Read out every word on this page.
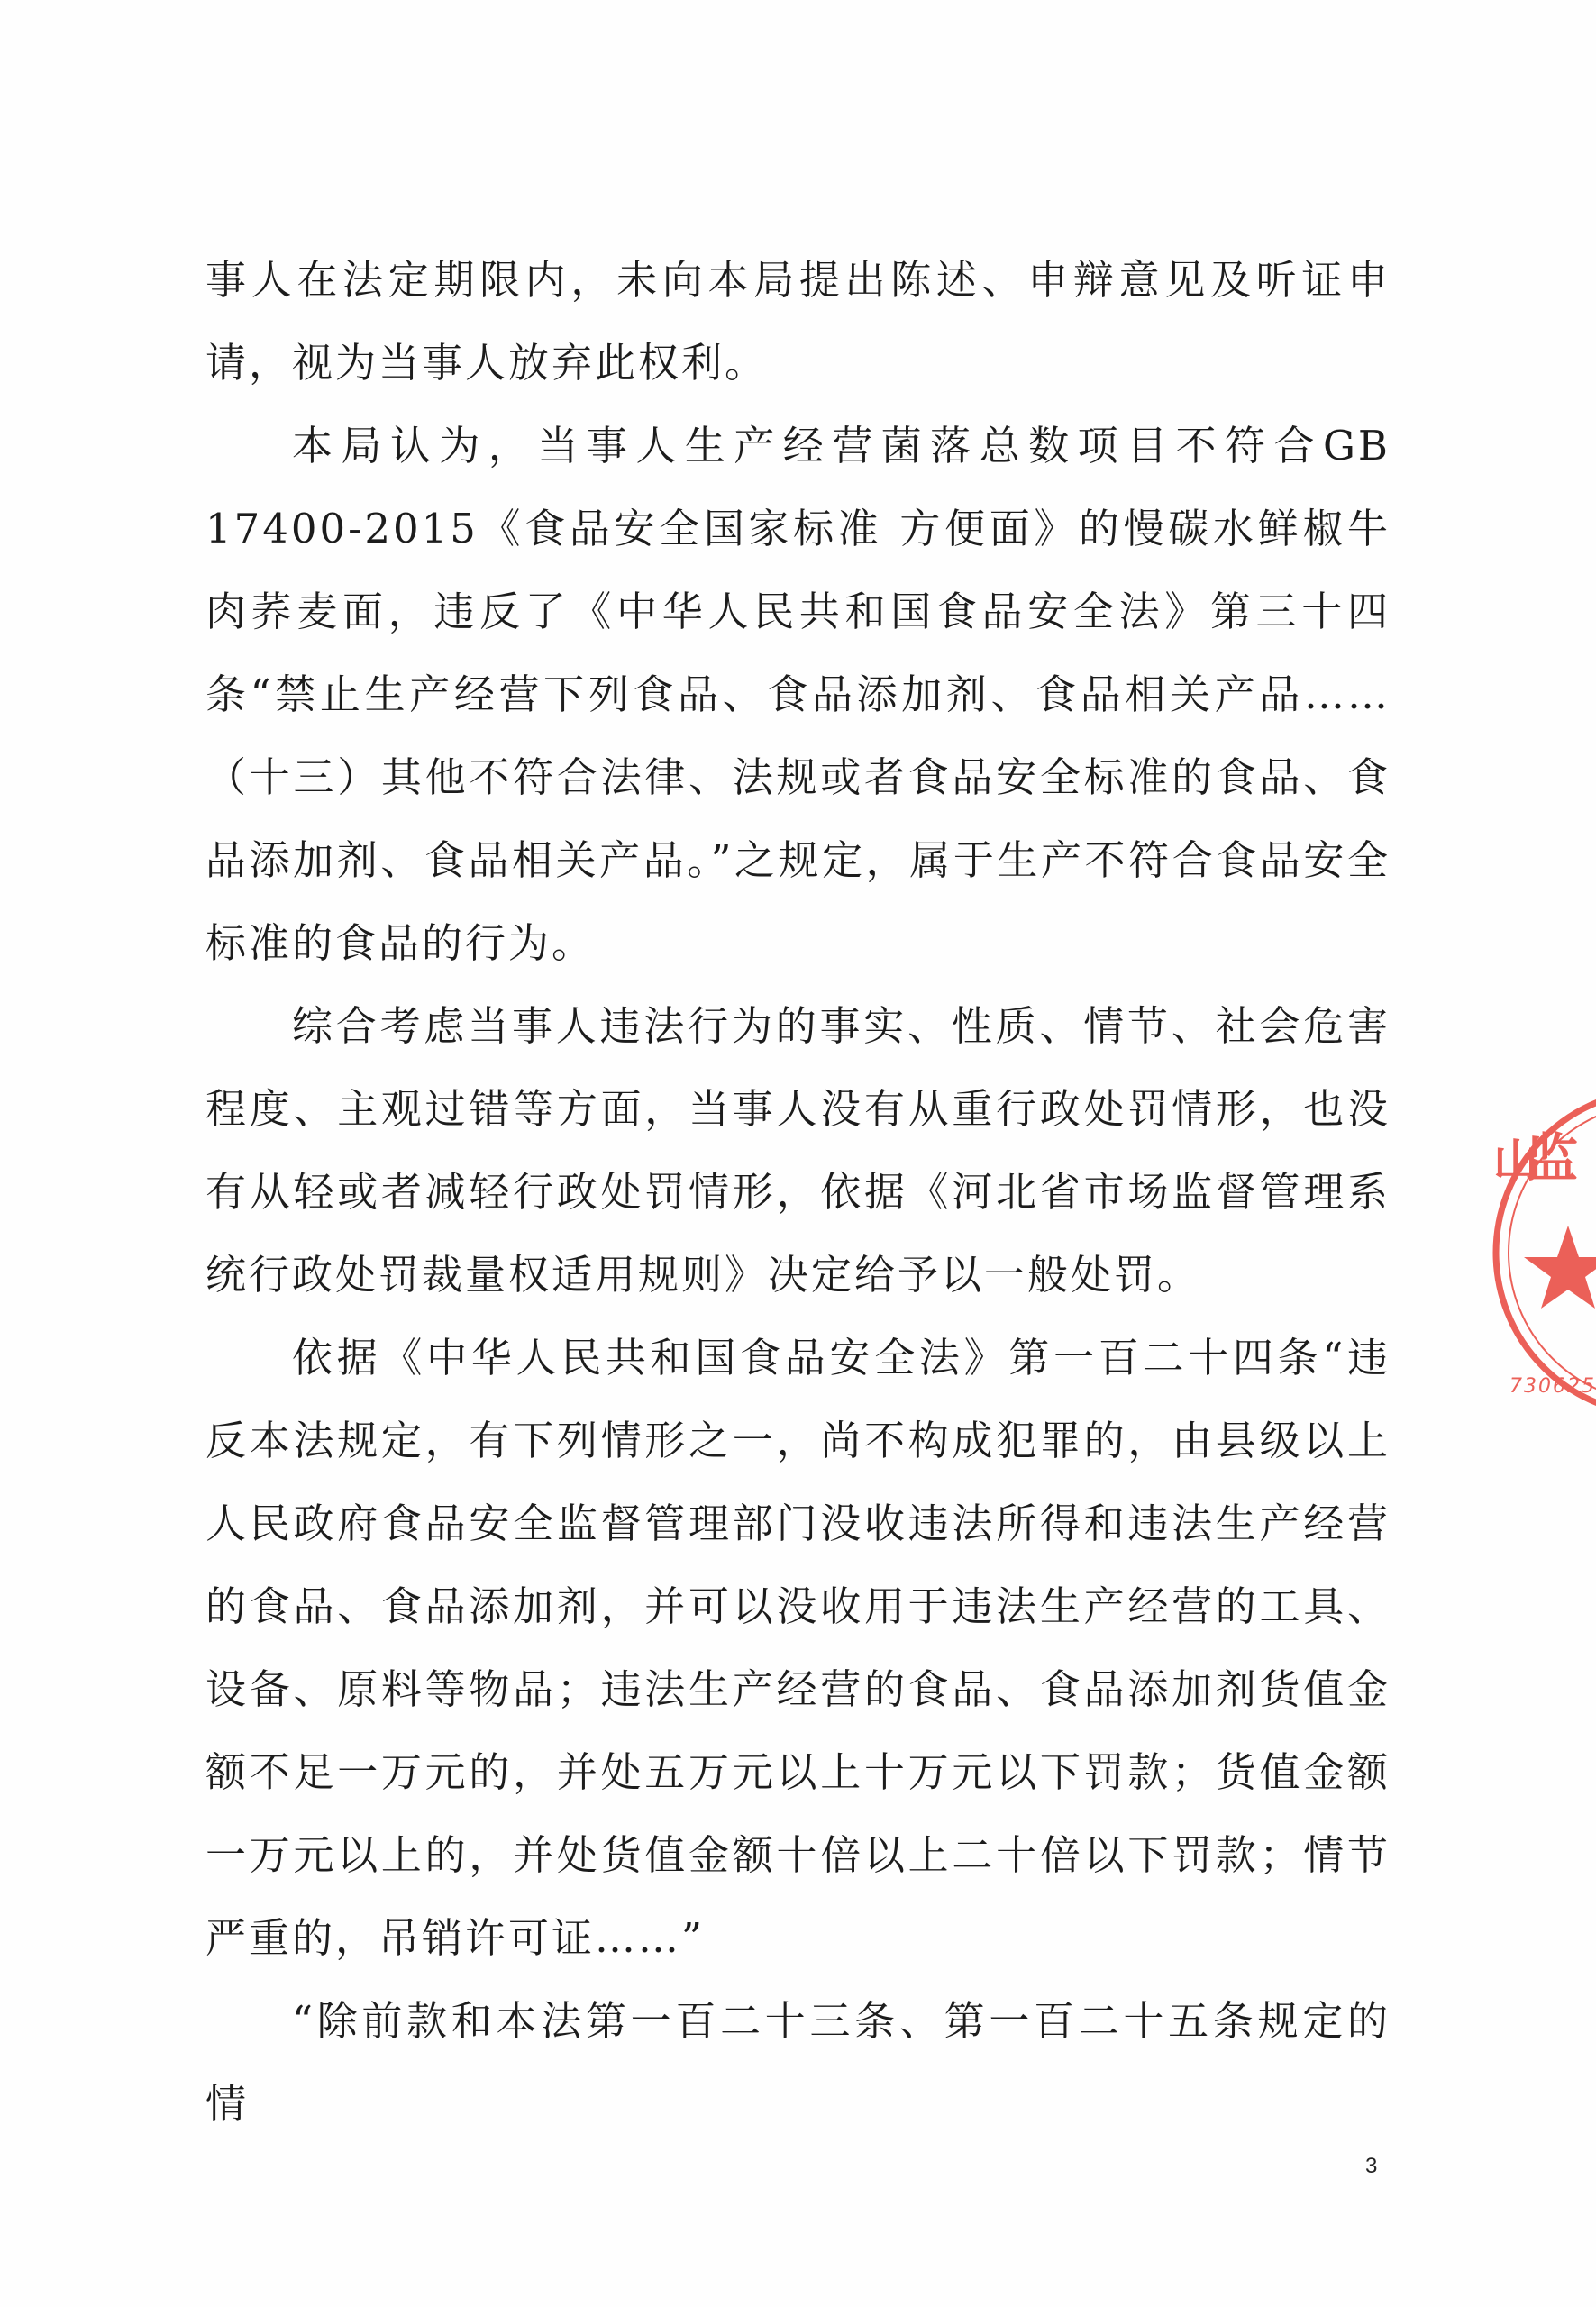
事人在法定期限内，未向本局提出陈述、申辩意见及听证申请，视为当事人放弃此权利。

本局认为，当事人生产经营菌落总数项目不符合GB 17400-2015《食品安全国家标准 方便面》的慢碳水鲜椒牛肉荞麦面，违反了《中华人民共和国食品安全法》第三十四条“禁止生产经营下列食品、食品添加剂、食品相关产品……（十三）其他不符合法律、法规或者食品安全标准的食品、食品添加剂、食品相关产品。”之规定，属于生产不符合食品安全标准的食品的行为。

综合考虑当事人违法行为的事实、性质、情节、社会危害程度、主观过错等方面，当事人没有从重行政处罚情形，也没有从轻或者减轻行政处罚情形，依据《河北省市场监督管理系统行政处罚裁量权适用规则》决定给予以一般处罚。

依据《中华人民共和国食品安全法》第一百二十四条“违反本法规定，有下列情形之一，尚不构成犯罪的，由县级以上人民政府食品安全监督管理部门没收违法所得和违法生产经营的食品、食品添加剂，并可以没收用于违法生产经营的工具、设备、原料等物品；违法生产经营的食品、食品添加剂货值金额不足一万元的，并处五万元以上十万元以下罚款；货值金额一万元以上的，并处货值金额十倍以上二十倍以下罚款；情节严重的，吊销许可证……”

“除前款和本法第一百二十三条、第一百二十五条规定的情

监
山
730625
3
